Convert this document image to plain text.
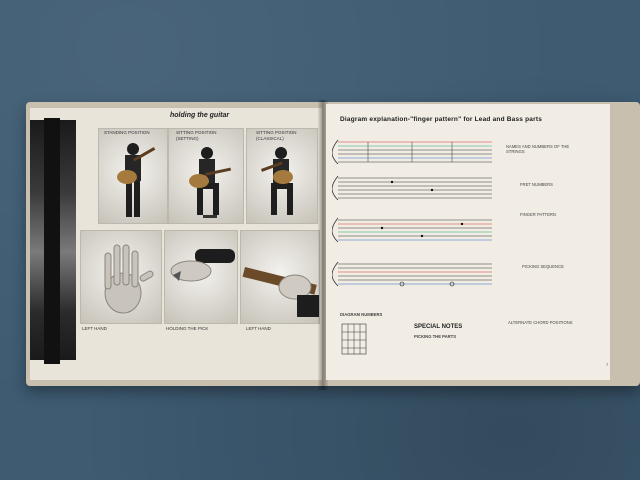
holding the guitar
STANDING POSITION	SITTING POSITION (SETTING)
SITTING POSITION (CLASSICAL)
LEFT HAND	HOLDING THE PICK	LEFT HAND
Diagram explanation-"finger pattern" for Lead and Bass parts
NAMES AND NUMBERS OF THE STRINGS
FRET NUMBERS
FINGER PATTERN
PICKING SEQUENCE
ALTERNATE CHORD POSITIONS
DIAGRAM NUMBERS
SPECIAL NOTES
PICKING THE PARTS
7
